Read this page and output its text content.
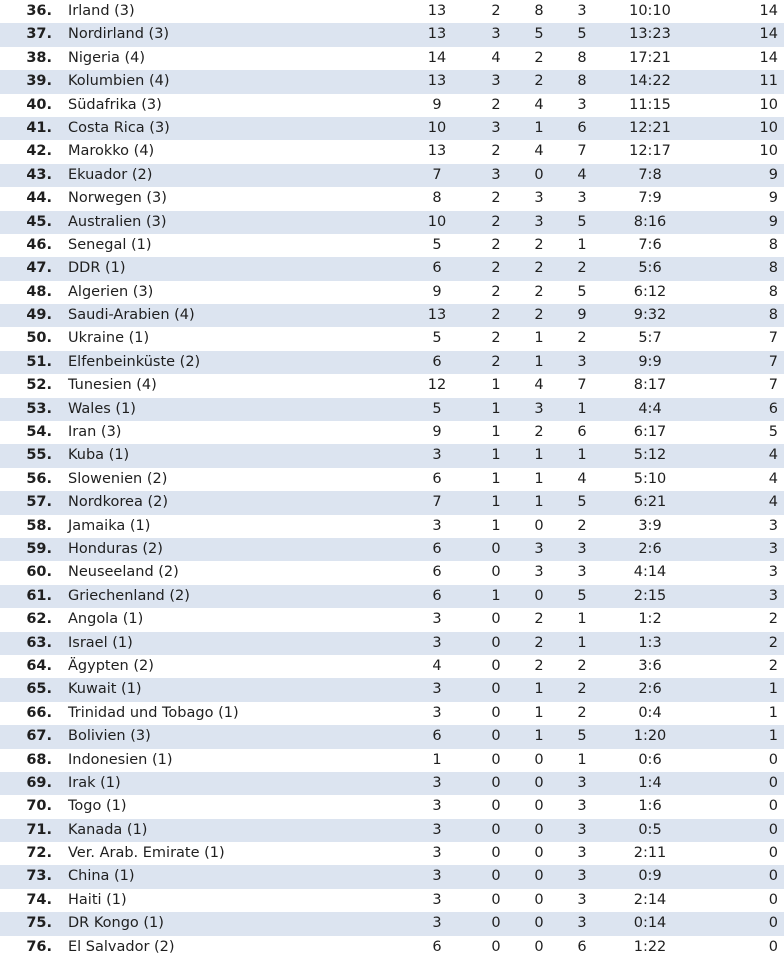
36. Irland (3)	13	2	8	3	10:10	14
37. Nordirland (3)	13	3	5	5	13:23	14
38. Nigeria (4)	14	4	2	8	17:21	14
39. Kolumbien (4)	13	3	2	8	14:22	11
40. Südafrika (3)	9	2	4	3	11:15	10
41. Costa Rica (3)	10	3	1	6	12:21	10
42. Marokko (4)	13	2	4	7	12:17	10
43. Ekuador (2)	7	3	0	4	7:8	9
44. Norwegen (3)	8	2	3	3	7:9	9
45. Australien (3)	10	2	3	5	8:16	9
46. Senegal (1)	5	2	2	1	7:6	8
47. DDR (1)	6	2	2	2	5:6	8
48. Algerien (3)	9	2	2	5	6:12	8
49. Saudi-Arabien (4)	13	2	2	9	9:32	8
50. Ukraine (1)	5	2	1	2	5:7	7
51. Elfenbeinküste (2)	6	2	1	3	9:9	7
52. Tunesien (4)	12	1	4	7	8:17	7
53. Wales (1)	5	1	3	1	4:4	6
54. Iran (3)	9	1	2	6	6:17	5
55. Kuba (1)	3	1	1	1	5:12	4
56. Slowenien (2)	6	1	1	4	5:10	4
57. Nordkorea (2)	7	1	1	5	6:21	4
58. Jamaika (1)	3	1	0	2	3:9	3
59. Honduras (2)	6	0	3	3	2:6	3
60. Neuseeland (2)	6	0	3	3	4:14	3
61. Griechenland (2)	6	1	0	5	2:15	3
62. Angola (1)	3	0	2	1	1:2	2
63. Israel (1)	3	0	2	1	1:3	2
64. Ägypten (2)	4	0	2	2	3:6	2
65. Kuwait (1)	3	0	1	2	2:6	1
66. Trinidad und Tobago (1)	3	0	1	2	0:4	1
67. Bolivien (3)	6	0	1	5	1:20	1
68. Indonesien (1)	1	0	0	1	0:6	0
69. Irak (1)	3	0	0	3	1:4	0
70. Togo (1)	3	0	0	3	1:6	0
71. Kanada (1)	3	0	0	3	0:5	0
72. Ver. Arab. Emirate (1)	3	0	0	3	2:11	0
73. China (1)	3	0	0	3	0:9	0
74. Haiti (1)	3	0	0	3	2:14	0
75. DR Kongo (1)	3	0	0	3	0:14	0
76. El Salvador (2)	6	0	0	6	1:22	0
